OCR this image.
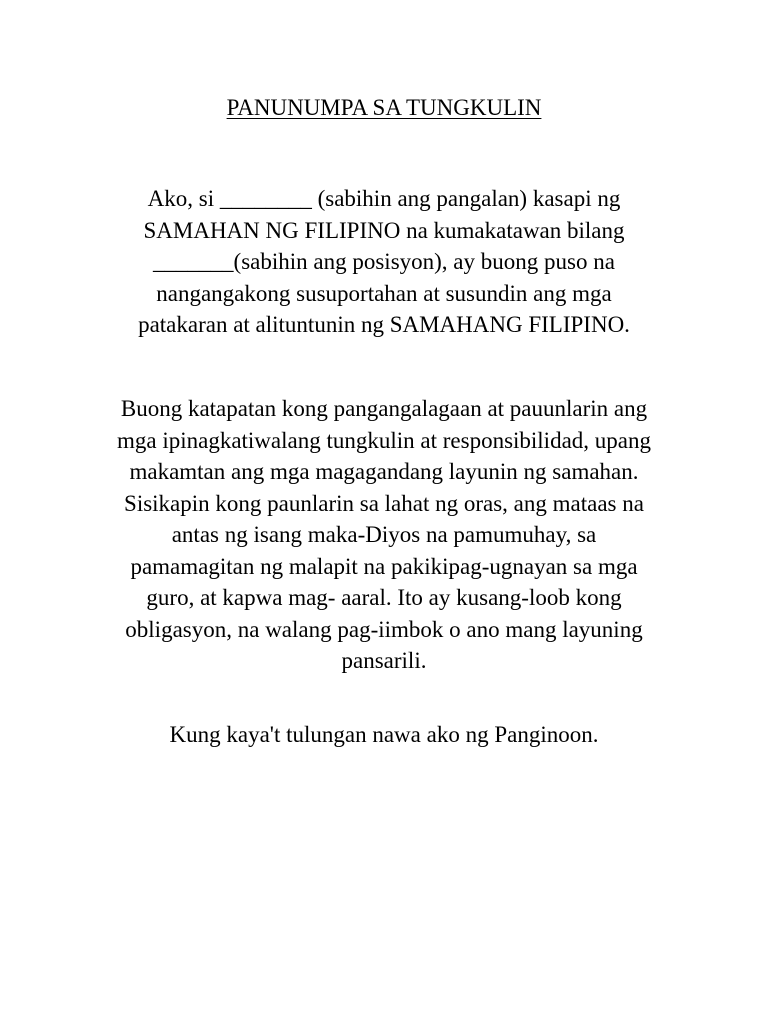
PANUNUMPA SA TUNGKULIN

Ako, si ________ (sabihin ang pangalan) kasapi ng
SAMAHAN NG FILIPINO na kumakatawan bilang
_______(sabihin ang posisyon), ay buong puso na
nangangakong susuportahan at susundin ang mga
patakaran at alituntunin ng SAMAHANG FILIPINO.

Buong katapatan kong pangangalagaan at pauunlarin ang
mga ipinagkatiwalang tungkulin at responsibilidad, upang
makamtan ang mga magagandang layunin ng samahan.
Sisikapin kong paunlarin sa lahat ng oras, ang mataas na
antas ng isang maka-Diyos na pamumuhay, sa
pamamagitan ng malapit na pakikipag-ugnayan sa mga
guro, at kapwa mag- aaral. Ito ay kusang-loob kong
obligasyon, na walang pag-iimbok o ano mang layuning
pansarili.

Kung kaya't tulungan nawa ako ng Panginoon.
